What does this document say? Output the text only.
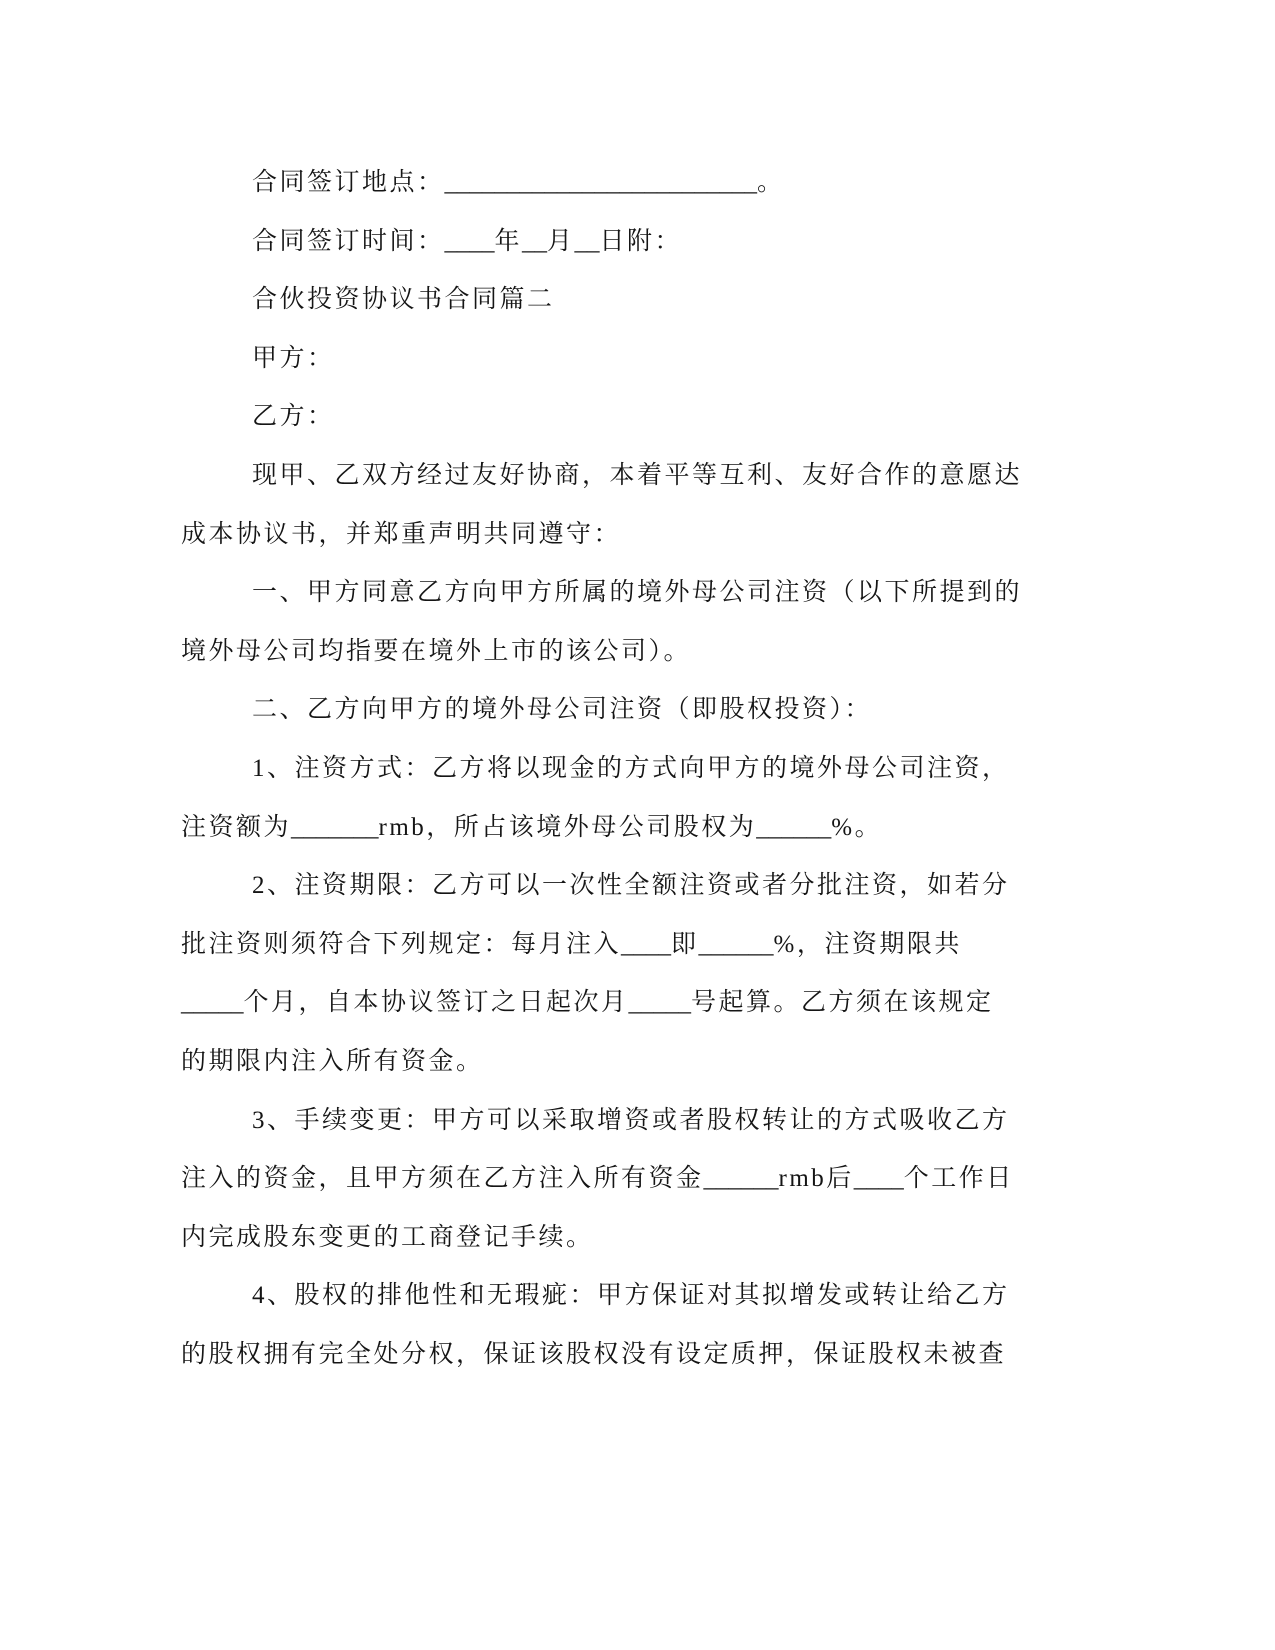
合同签订地点：_________________________。
合同签订时间：____年__月__日附：
合伙投资协议书合同篇二
甲方：
乙方：
现甲、乙双方经过友好协商，本着平等互利、友好合作的意愿达
成本协议书，并郑重声明共同遵守：
一、甲方同意乙方向甲方所属的境外母公司注资（以下所提到的
境外母公司均指要在境外上市的该公司）。
二、乙方向甲方的境外母公司注资（即股权投资）：
1、注资方式：乙方将以现金的方式向甲方的境外母公司注资，
注资额为_______rmb，所占该境外母公司股权为______%。
2、注资期限：乙方可以一次性全额注资或者分批注资，如若分
批注资则须符合下列规定：每月注入____即______%，注资期限共
_____个月，自本协议签订之日起次月_____号起算。乙方须在该规定
的期限内注入所有资金。
3、手续变更：甲方可以采取增资或者股权转让的方式吸收乙方
注入的资金，且甲方须在乙方注入所有资金______rmb后____个工作日
内完成股东变更的工商登记手续。
4、股权的排他性和无瑕疵：甲方保证对其拟增发或转让给乙方
的股权拥有完全处分权，保证该股权没有设定质押，保证股权未被查
